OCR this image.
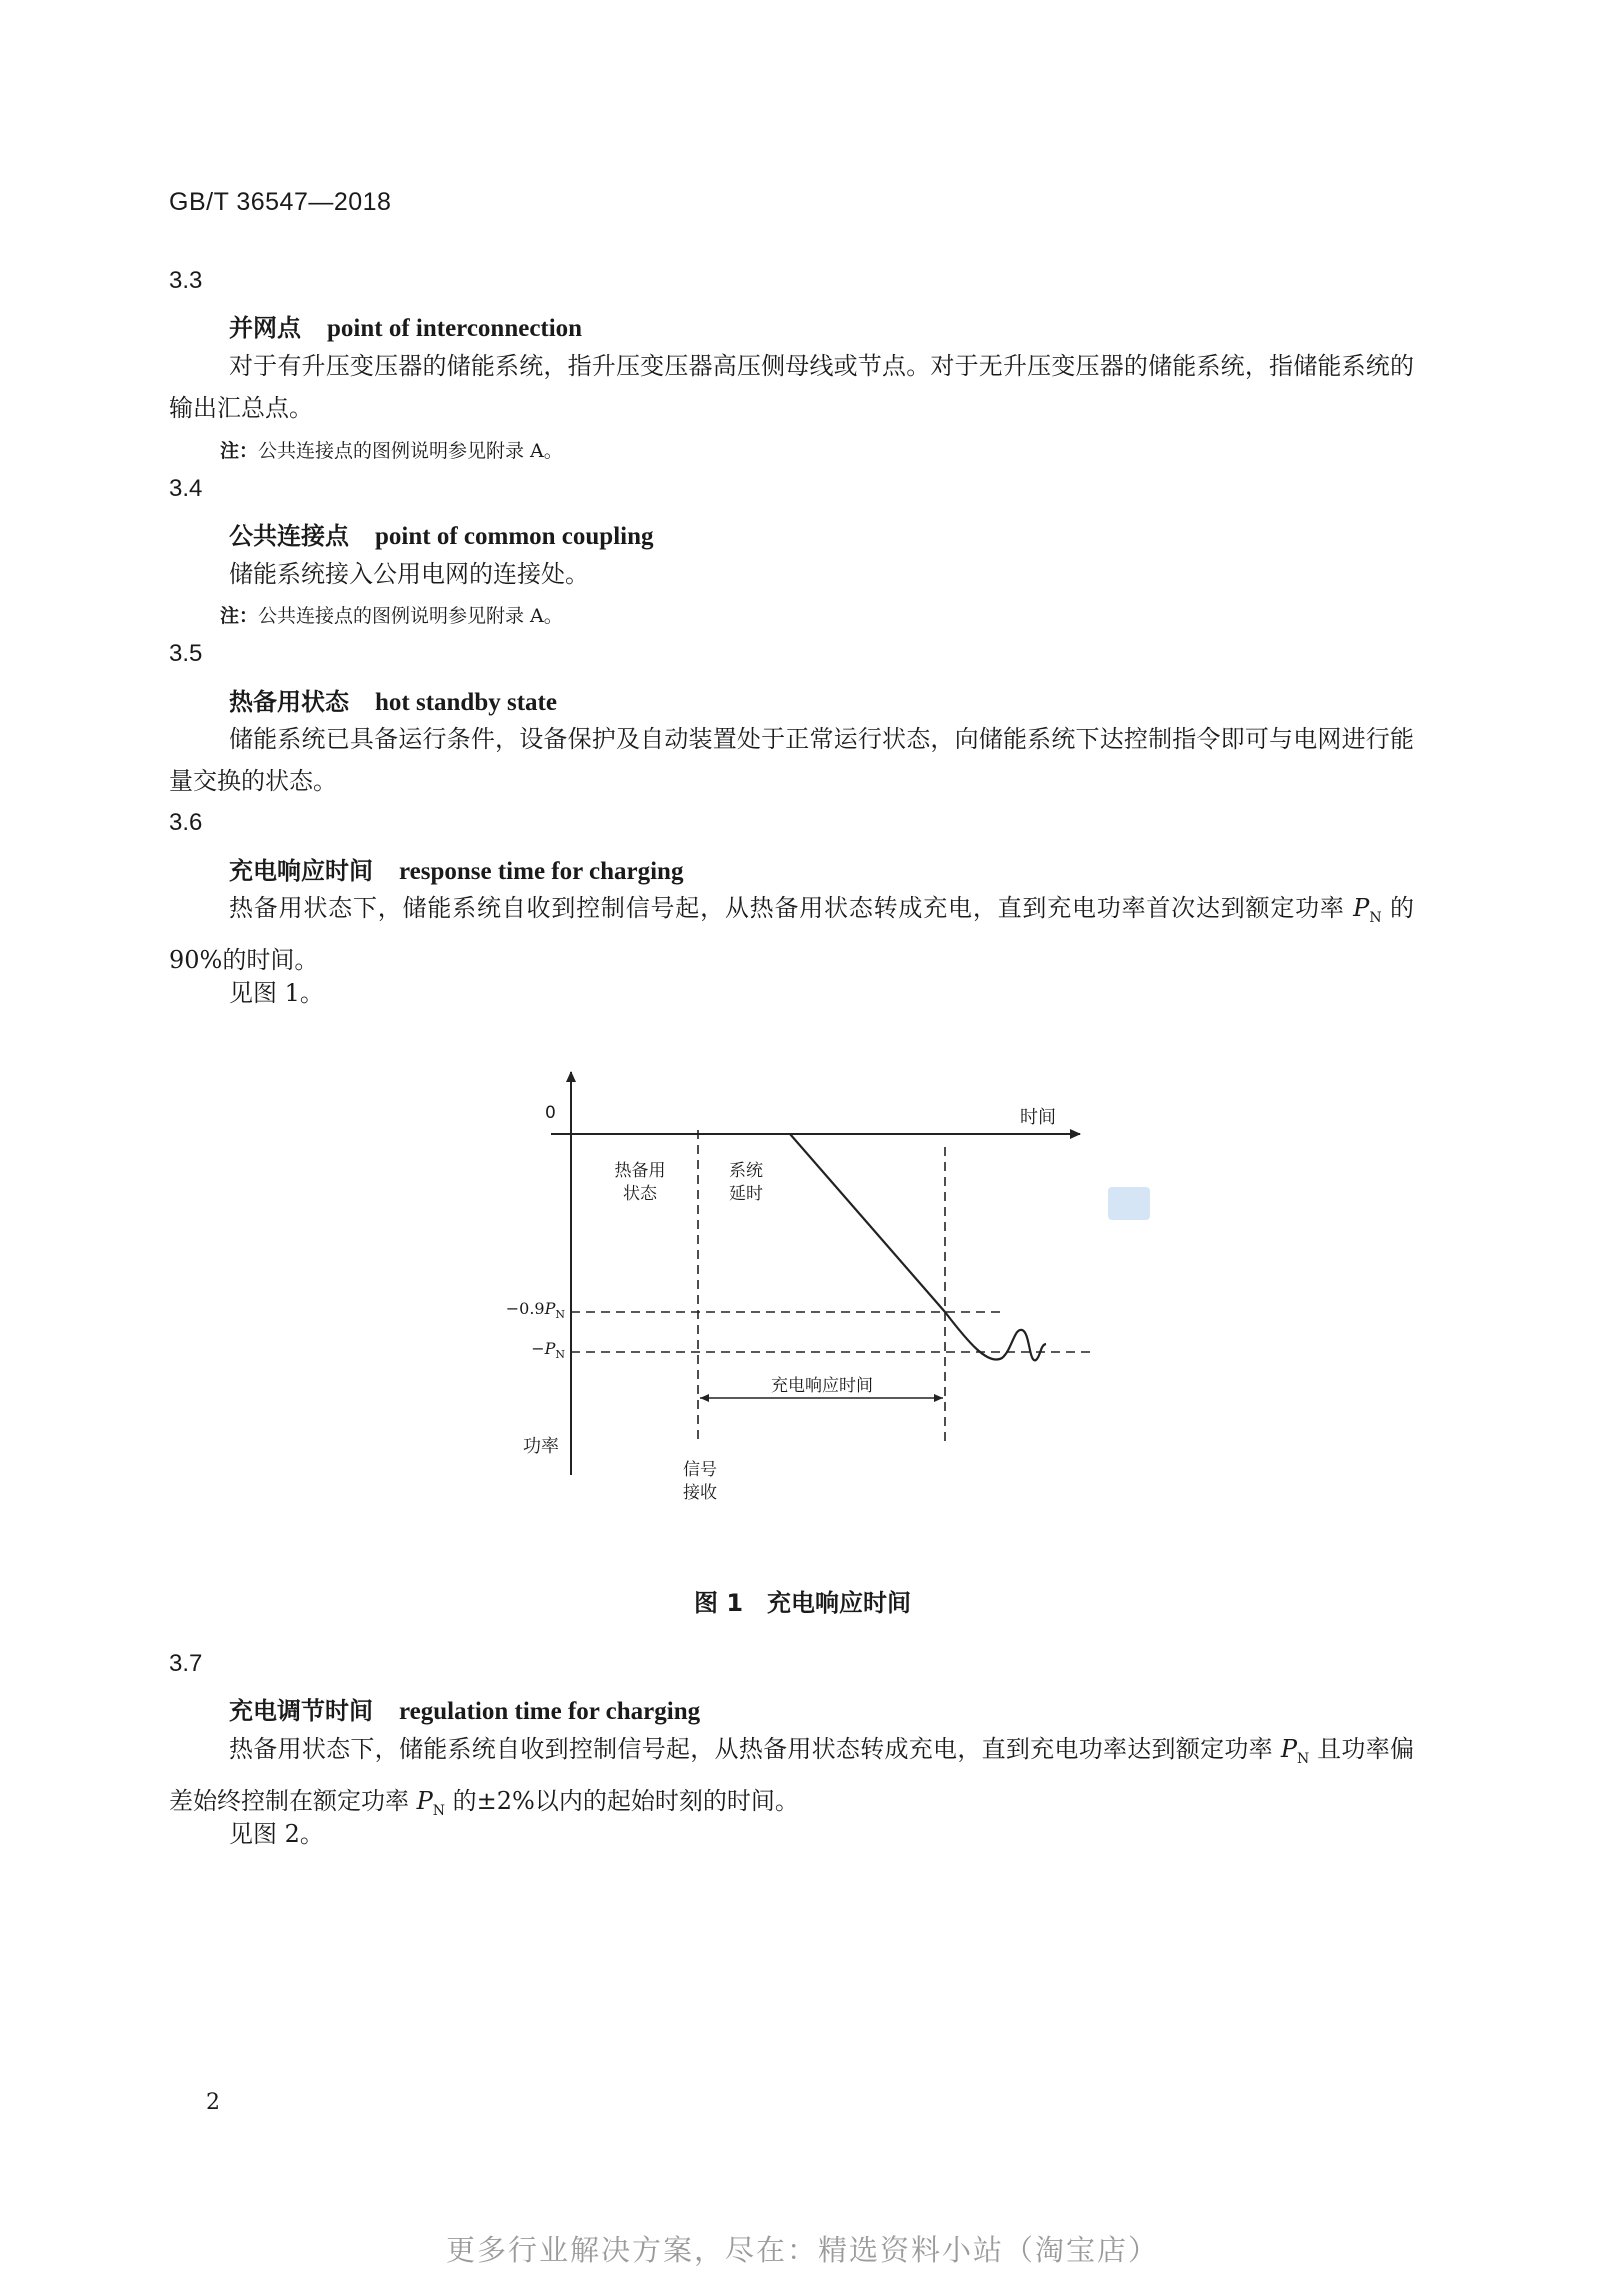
GB/T 36547—2018
3.3
并网点 point of interconnection

对于有升压变压器的储能系统，指升压变压器高压侧母线或节点。对于无升压变压器的储能系统，指储能系统的输出汇总点。

注：公共连接点的图例说明参见附录 A。
3.4
公共连接点 point of common coupling

储能系统接入公用电网的连接处。

注：公共连接点的图例说明参见附录 A。
3.5
热备用状态 hot standby state

储能系统已具备运行条件，设备保护及自动装置处于正常运行状态，向储能系统下达控制指令即可与电网进行能量交换的状态。

3.6
充电响应时间 response time for charging

热备用状态下，储能系统自收到控制信号起，从热备用状态转成充电，直到充电功率首次达到额定功率 $P_N$ 的 90%的时间。

见图 1。

0	时间
功率
热备用
状态
系统
延时
$-0.9P_N$
$-P_N$
充电响应时间
信号
接收
图 1 充电响应时间
3.7
充电调节时间 regulation time for charging

热备用状态下，储能系统自收到控制信号起，从热备用状态转成充电，直到充电功率达到额定功率 $P_N$ 且功率偏差始终控制在额定功率 $P_N$ 的±2%以内的起始时刻的时间。

见图 2。

2
更多行业解决方案，尽在：精选资料小站（淘宝店）
